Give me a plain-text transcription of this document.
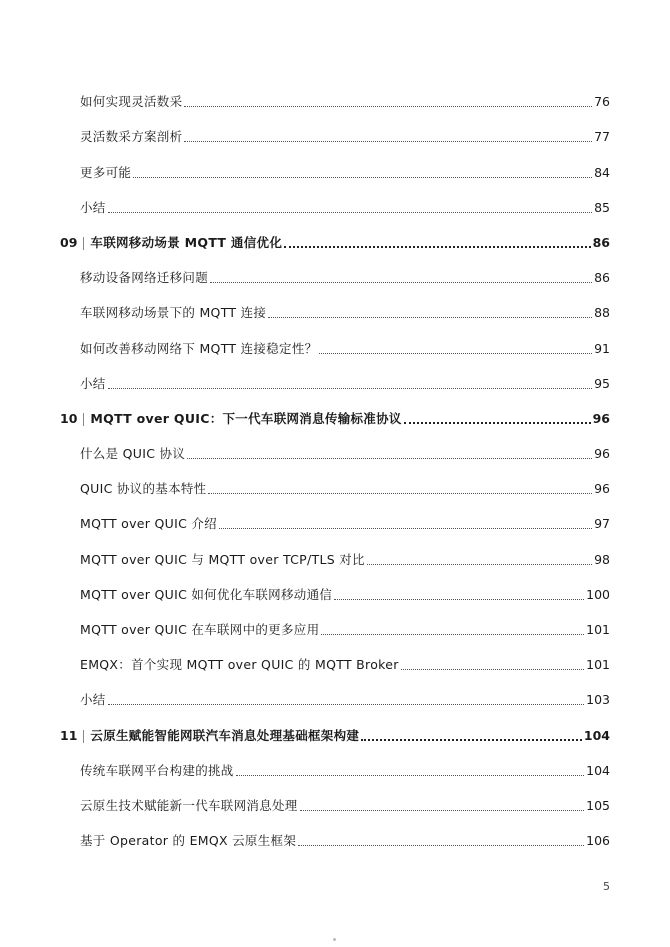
如何实现灵活数采	76
灵活数采方案剖析	77
更多可能	84
小结	85
09 车联网移动场景 MQTT 通信优化	86
移动设备网络迁移问题	86
车联网移动场景下的 MQTT 连接	88
如何改善移动网络下 MQTT 连接稳定性？	91
小结	95
10 MQTT over QUIC：下一代车联网消息传输标准协议	96
什么是 QUIC 协议	96
QUIC 协议的基本特性	96
MQTT over QUIC 介绍	97
MQTT over QUIC 与 MQTT over TCP/TLS 对比	98
MQTT over QUIC 如何优化车联网移动通信	100
MQTT over QUIC 在车联网中的更多应用	101
EMQX：首个实现 MQTT over QUIC 的 MQTT Broker	101
小结	103
11 云原生赋能智能网联汽车消息处理基础框架构建	104
传统车联网平台构建的挑战	104
云原生技术赋能新一代车联网消息处理	105
基于 Operator 的 EMQX 云原生框架	106
5
